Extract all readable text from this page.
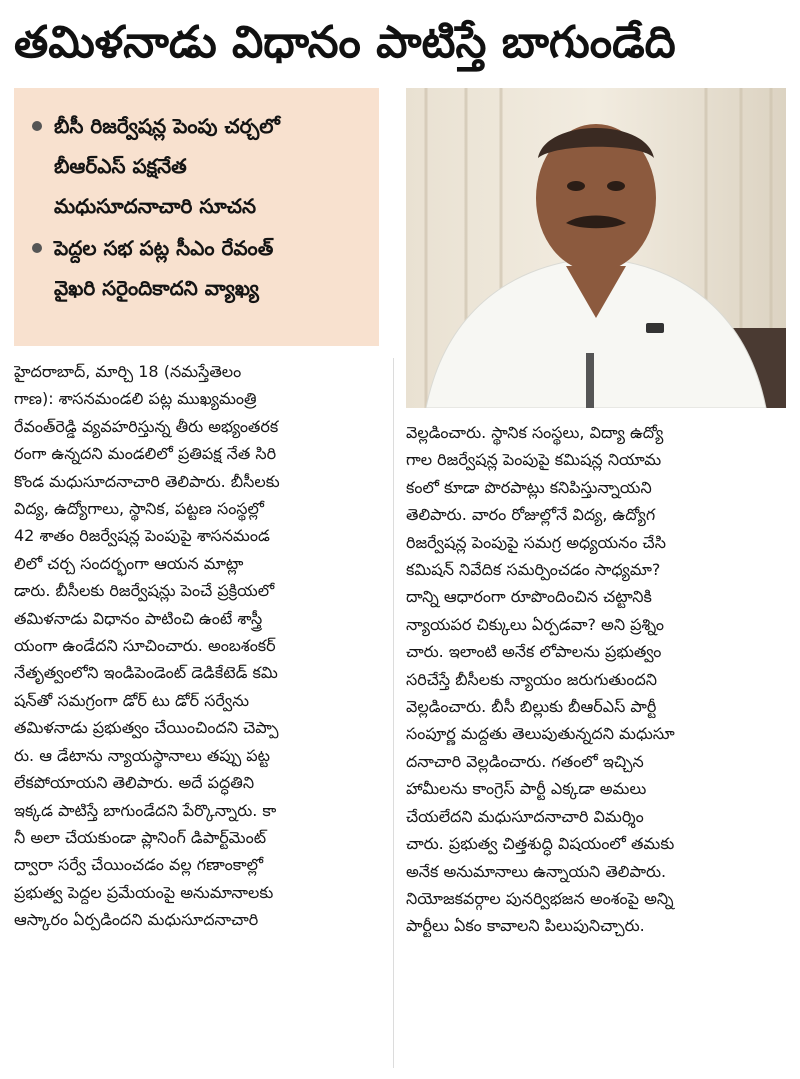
తమిళనాడు విధానం పాటిస్తే బాగుండేది
బీసీ రిజర్వేషన్ల పెంపు చర్చలో
బీఆర్ఎస్ పక్షనేత
మధుసూదనాచారి సూచన
పెద్దల సభ పట్ల సీఎం రేవంత్
వైఖరి సరైందికాదని వ్యాఖ్య
హైదరాబాద్, మార్చి 18 (నమస్తేతెలం
గాణ): శాసనమండలి పట్ల ముఖ్యమంత్రి
రేవంత్‌రెడ్డి వ్యవహరిస్తున్న తీరు అభ్యంతరక
రంగా ఉన్నదని మండలిలో ప్రతిపక్ష నేత సిరి
కొండ మధుసూదనాచారి తెలిపారు. బీసీలకు
విద్య, ఉద్యోగాలు, స్థానిక, పట్టణ సంస్థల్లో
42 శాతం రిజర్వేషన్ల పెంపుపై శాసనమండ
లిలో చర్చ సందర్భంగా ఆయన మాట్లా
డారు. బీసీలకు రిజర్వేషన్లు పెంచే ప్రక్రియలో
తమిళనాడు విధానం పాటించి ఉంటే శాస్త్రీ
యంగా ఉండేదని సూచించారు. అంబశంకర్
నేతృత్వంలోని ఇండిపెండెంట్ డెడికేటెడ్ కమి
షన్‌తో సమగ్రంగా డోర్ టు డోర్ సర్వేను
తమిళనాడు ప్రభుత్వం చేయించిందని చెప్పా
రు. ఆ డేటాను న్యాయస్థానాలు తప్పు పట్ట
లేకపోయాయని తెలిపారు. అదే పద్ధతిని
ఇక్కడ పాటిస్తే బాగుండేదని పేర్కొన్నారు. కా
నీ అలా చేయకుండా ప్లానింగ్ డిపార్ట్‌మెంట్
ద్వారా సర్వే చేయించడం వల్ల గణాంకాల్లో
ప్రభుత్వ పెద్దల ప్రమేయంపై అనుమానాలకు
ఆస్కారం ఏర్పడిందని మధుసూదనాచారి
వెల్లడించారు. స్థానిక సంస్థలు, విద్యా ఉద్యో
గాల రిజర్వేషన్ల పెంపుపై కమిషన్ల నియామ
కంలో కూడా పొరపాట్లు కనిపిస్తున్నాయని
తెలిపారు. వారం రోజుల్లోనే విద్య, ఉద్యోగ
రిజర్వేషన్ల పెంపుపై సమగ్ర అధ్యయనం చేసి
కమిషన్ నివేదిక సమర్పించడం సాధ్యమా?
దాన్ని ఆధారంగా రూపొందించిన చట్టానికి
న్యాయపర చిక్కులు ఏర్పడవా? అని ప్రశ్నిం
చారు. ఇలాంటి అనేక లోపాలను ప్రభుత్వం
సరిచేస్తే బీసీలకు న్యాయం జరుగుతుందని
వెల్లడించారు. బీసీ బిల్లుకు బీఆర్ఎస్ పార్టీ
సంపూర్ణ మద్దతు తెలుపుతున్నదని మధుసూ
దనాచారి వెల్లడించారు. గతంలో ఇచ్చిన
హామీలను కాంగ్రెస్ పార్టీ ఎక్కడా అమలు
చేయలేదని మధుసూదనాచారి విమర్శిం
చారు. ప్రభుత్వ చిత్తశుద్ధి విషయంలో తమకు
అనేక అనుమానాలు ఉన్నాయని తెలిపారు.
నియోజకవర్గాల పునర్విభజన అంశంపై అన్ని
పార్టీలు ఏకం కావాలని పిలుపునిచ్చారు.
